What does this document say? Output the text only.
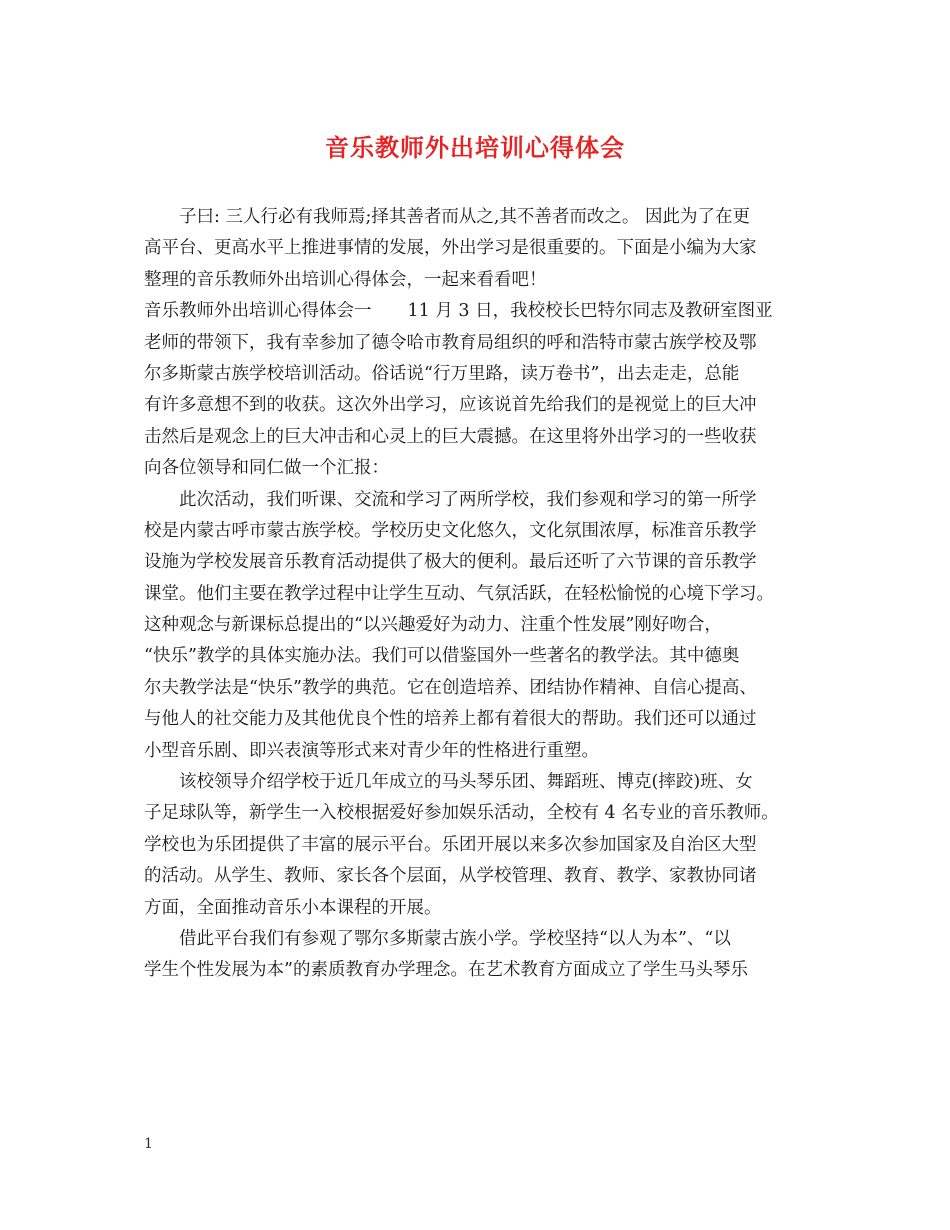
音乐教师外出培训心得体会
子曰: 三人行必有我师焉;择其善者而从之,其不善者而改之。 因此为了在更
高平台、更高水平上推进事情的发展，外出学习是很重要的。下面是小编为大家
整理的音乐教师外出培训心得体会，一起来看看吧！
音乐教师外出培训心得体会一 11 月 3 日，我校校长巴特尔同志及教研室图亚
老师的带领下，我有幸参加了德令哈市教育局组织的呼和浩特市蒙古族学校及鄂
尔多斯蒙古族学校培训活动。俗话说“行万里路，读万卷书”，出去走走，总能
有许多意想不到的收获。这次外出学习，应该说首先给我们的是视觉上的巨大冲
击然后是观念上的巨大冲击和心灵上的巨大震撼。在这里将外出学习的一些收获
向各位领导和同仁做一个汇报：
此次活动，我们听课、交流和学习了两所学校，我们参观和学习的第一所学
校是内蒙古呼市蒙古族学校。学校历史文化悠久，文化氛围浓厚，标准音乐教学
设施为学校发展音乐教育活动提供了极大的便利。最后还听了六节课的音乐教学
课堂。他们主要在教学过程中让学生互动、气氛活跃，在轻松愉悦的心境下学习。
这种观念与新课标总提出的“以兴趣爱好为动力、注重个性发展”刚好吻合，
“快乐”教学的具体实施办法。我们可以借鉴国外一些著名的教学法。其中德奥
尔夫教学法是“快乐”教学的典范。它在创造培养、团结协作精神、自信心提高、
与他人的社交能力及其他优良个性的培养上都有着很大的帮助。我们还可以通过
小型音乐剧、即兴表演等形式来对青少年的性格进行重塑。
该校领导介绍学校于近几年成立的马头琴乐团、舞蹈班、博克(摔跤)班、女
子足球队等，新学生一入校根据爱好参加娱乐活动，全校有 4 名专业的音乐教师。
学校也为乐团提供了丰富的展示平台。乐团开展以来多次参加国家及自治区大型
的活动。从学生、教师、家长各个层面，从学校管理、教育、教学、家教协同诸
方面，全面推动音乐小本课程的开展。
借此平台我们有参观了鄂尔多斯蒙古族小学。学校坚持“以人为本”、“以
学生个性发展为本”的素质教育办学理念。在艺术教育方面成立了学生马头琴乐
1
